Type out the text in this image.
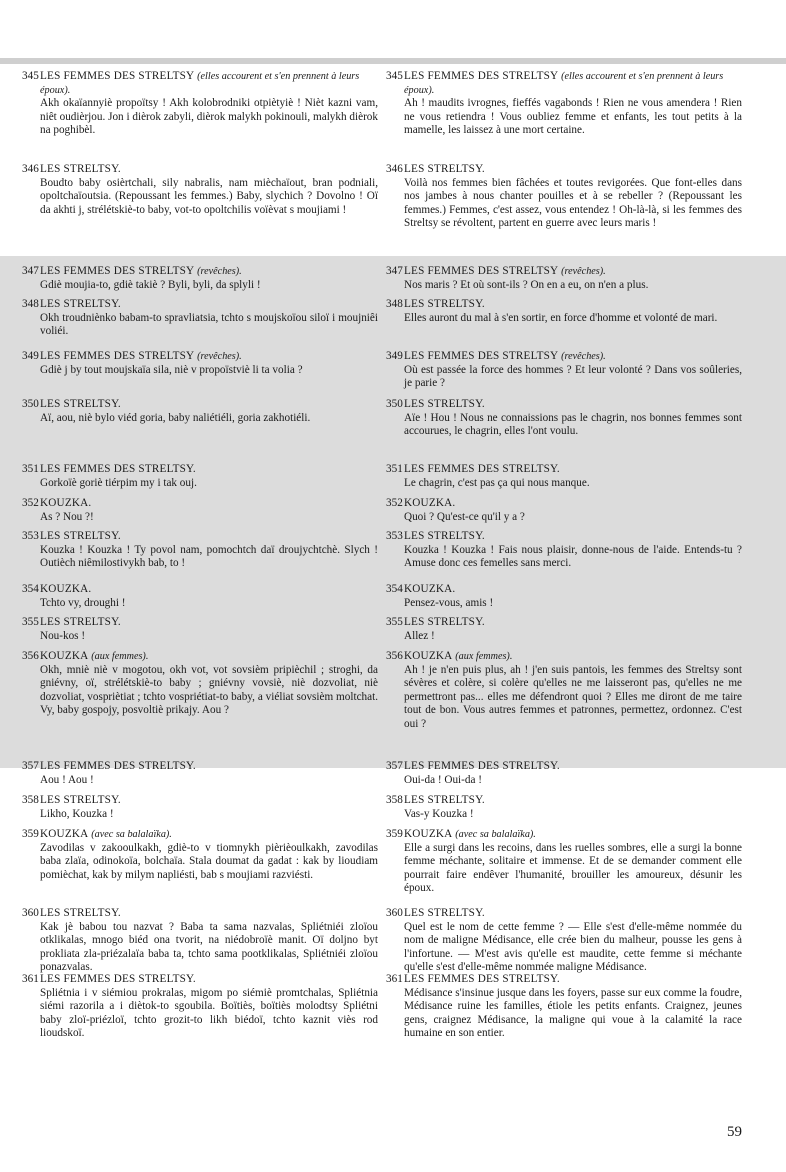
345 LES FEMMES DES STRELTSY (elles accourent et s'en prennent à leurs époux).
Akh okaïannyiè propoïtsy ! Akh kolobrodniki otpiètyiè ! Nièt kazni vam, niêt oudièrjou. Jon i dièrok zabyli, dièrok malykh pokinouli, malykh dièrok na poghibèl.
346 LES STRELTSY.
Boudto baby osièrtchali, sily nabralis, nam mièchaïout, bran podniali, opoltchaïoutsia. (Repoussant les femmes.) Baby, slychich ? Dovolno ! Oï da akhti j, strélétskiè-to baby, vot-to opoltchilis voïèvat s moujiami !
347 LES FEMMES DES STRELTSY (revêches).
Gdiè moujia-to, gdiè takiè ? Byli, byli, da splyli !
348 LES STRELTSY.
Okh troudniènko babam-to spravliatsia, tchto s moujskoïou siloï i moujniêi voliéi.
349 LES FEMMES DES STRELTSY (revêches).
Gdiè j by tout moujskaïa sila, niè v propoïstviè li ta volia ?
350 LES STRELTSY.
Aï, aou, niè bylo viéd goria, baby naliétiéli, goria zakhotiéli.
351 LES FEMMES DES STRELTSY.
Gorkoïè goriè tiérpim my i tak ouj.
352 KOUZKA.
As ? Nou ?!
353 LES STRELTSY.
Kouzka ! Kouzka ! Ty povol nam, pomochtch daï droujychtchè. Slych ! Outièch niêmilostivykh bab, to !
354 KOUZKA.
Tchto vy, droughi !
355 LES STRELTSY.
Nou-kos !
356 KOUZKA (aux femmes).
Okh, mniè niè v mogotou, okh vot, vot sovsièm pripièchil ; stroghi, da gniévny, oï, strélétskiè-to baby ; gniévny vovsiè, niè dozvoliat, niè dozvoliat, vospriètiat ; tchto vospriétiat-to baby, a viéliat sovsièm moltchat. Vy, baby gospojy, posvoltiè prikajy. Aou ?
357 LES FEMMES DES STRELTSY.
Aou ! Aou !
358 LES STRELTSY.
Likho, Kouzka !
359 KOUZKA (avec sa balalaïka).
Zavodilas v zakooulkakh, gdiè-to v tiomnykh pièrièoulkakh, zavodilas baba zlaïa, odinokoïa, bolchaïa. Stala doumat da gadat : kak by lioudiam pomièchat, kak by milym napliésti, bab s moujiami razviésti.
360 LES STRELTSY.
Kak jè babou tou nazvat ? Baba ta sama nazvalas, Spliétniéi zloïou otklikalas, mnogo biéd ona tvorit, na niédobroïè manit. Oï doljno byt prokliata zla-priézalaïa baba ta, tchto sama pootklikalas, Spliétniéi zloïou ponazvalas.
361 LES FEMMES DES STRELTSY.
Spliétnia i v siémiou prokralas, migom po siémiè promtchalas, Spliétnia siémi razorila a i diètok-to sgoubila. Boïtiès, boïtiès molodtsy Spliétni baby zloï-priézloï, tchto grozit-to likh biédoï, tchto kaznit viès rod lioudskoï.
345 LES FEMMES DES STRELTSY (elles accourent et s'en prennent à leurs époux).
Ah ! maudits ivrognes, fieffés vagabonds ! Rien ne vous amendera ! Rien ne vous retiendra ! Vous oubliez femme et enfants, les tout petits à la mamelle, les laissez à une mort certaine.
346 LES STRELTSY.
Voilà nos femmes bien fâchées et toutes revigorées. Que font-elles dans nos jambes à nous chanter pouilles et à se rebeller ? (Repoussant les femmes.) Femmes, c'est assez, vous entendez ! Oh-là-là, si les femmes des Streltsy se révoltent, partent en guerre avec leurs maris !
347 LES FEMMES DES STRELTSY (revêches).
Nos maris ? Et où sont-ils ? On en a eu, on n'en a plus.
348 LES STRELTSY.
Elles auront du mal à s'en sortir, en force d'homme et volonté de mari.
349 LES FEMMES DES STRELTSY (revêches).
Où est passée la force des hommes ? Et leur volonté ? Dans vos soûleries, je parie ?
350 LES STRELTSY.
Aïe ! Hou ! Nous ne connaissions pas le chagrin, nos bonnes femmes sont accourues, le chagrin, elles l'ont voulu.
351 LES FEMMES DES STRELTSY.
Le chagrin, c'est pas ça qui nous manque.
352 KOUZKA.
Quoi ? Qu'est-ce qu'il y a ?
353 LES STRELTSY.
Kouzka ! Kouzka ! Fais nous plaisir, donne-nous de l'aide. Entends-tu ? Amuse donc ces femelles sans merci.
354 KOUZKA.
Pensez-vous, amis !
355 LES STRELTSY.
Allez !
356 KOUZKA (aux femmes).
Ah ! je n'en puis plus, ah ! j'en suis pantois, les femmes des Streltsy sont sévères et colère, si colère qu'elles ne me laisseront pas, qu'elles ne me permettront pas... elles me défendront quoi ? Elles me diront de me taire tout de bon. Vous autres femmes et patronnes, permettez, ordonnez. C'est oui ?
357 LES FEMMES DES STRELTSY.
Oui-da ! Oui-da !
358 LES STRELTSY.
Vas-y Kouzka !
359 KOUZKA (avec sa balalaïka).
Elle a surgi dans les recoins, dans les ruelles sombres, elle a surgi la bonne femme méchante, solitaire et immense. Et de se demander comment elle pourrait faire endêver l'humanité, brouiller les amoureux, désunir les époux.
360 LES STRELTSY.
Quel est le nom de cette femme ? — Elle s'est d'elle-même nommée du nom de maligne Médisance, elle crée bien du malheur, pousse les gens à l'infortune. — M'est avis qu'elle est maudite, cette femme si méchante qu'elle s'est d'elle-même nommée maligne Médisance.
361 LES FEMMES DES STRELTSY.
Médisance s'insinue jusque dans les foyers, passe sur eux comme la foudre, Médisance ruine les familles, étiole les petits enfants. Craignez, jeunes gens, craignez Médisance, la maligne qui voue à la calamité la race humaine en son entier.
59
